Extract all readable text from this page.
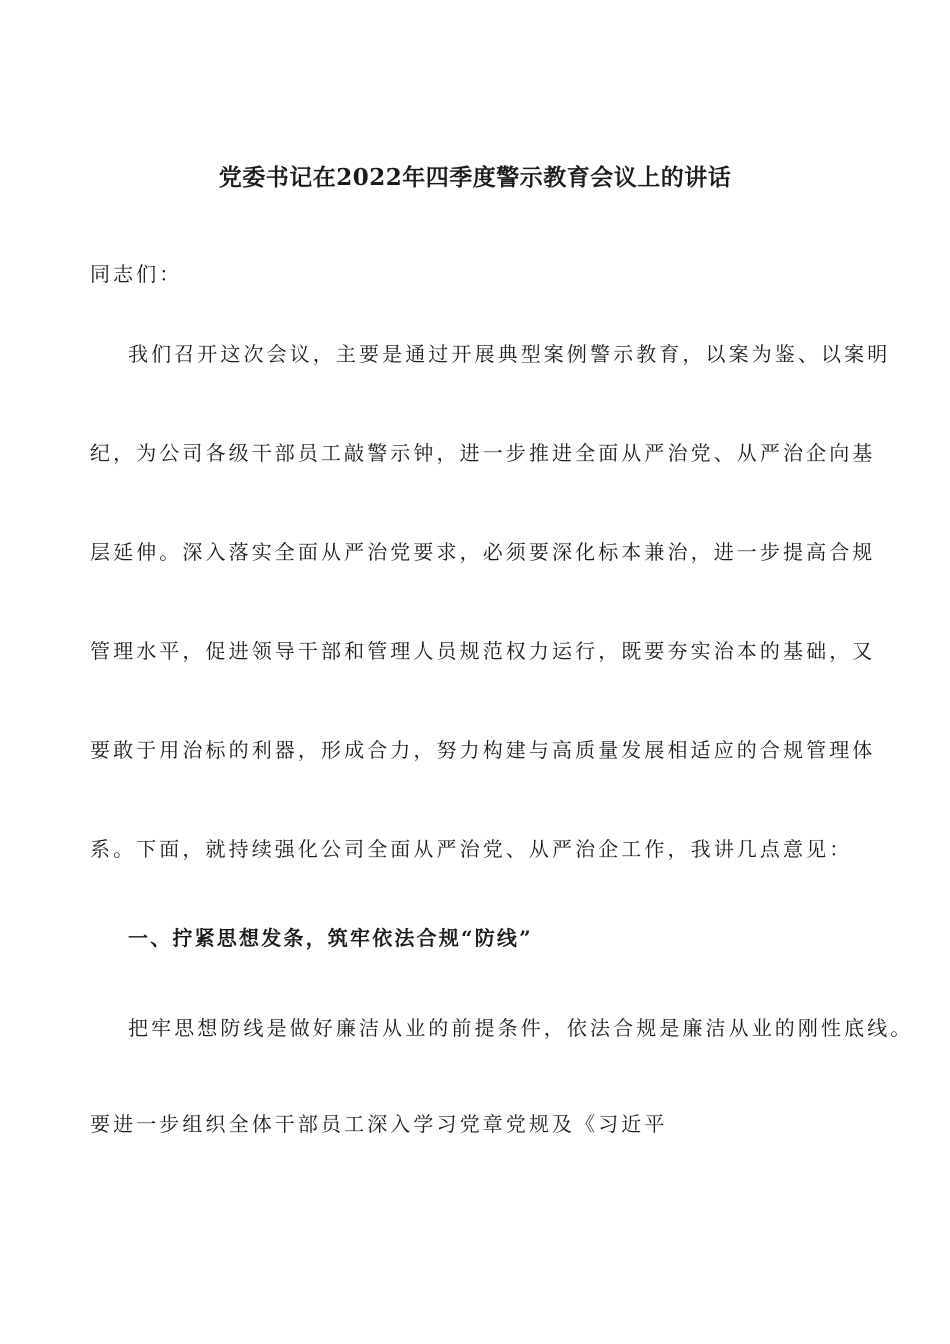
党委书记在2022年四季度警示教育会议上的讲话
同志们：
我们召开这次会议，主要是通过开展典型案例警示教育，以案为鉴、以案明
纪，为公司各级干部员工敲警示钟，进一步推进全面从严治党、从严治企向基
层延伸。深入落实全面从严治党要求，必须要深化标本兼治，进一步提高合规
管理水平，促进领导干部和管理人员规范权力运行，既要夯实治本的基础，又
要敢于用治标的利器，形成合力，努力构建与高质量发展相适应的合规管理体
系。下面，就持续强化公司全面从严治党、从严治企工作，我讲几点意见：
一、拧紧思想发条，筑牢依法合规“防线”
把牢思想防线是做好廉洁从业的前提条件，依法合规是廉洁从业的刚性底线。
要进一步组织全体干部员工深入学习党章党规及《习近平
